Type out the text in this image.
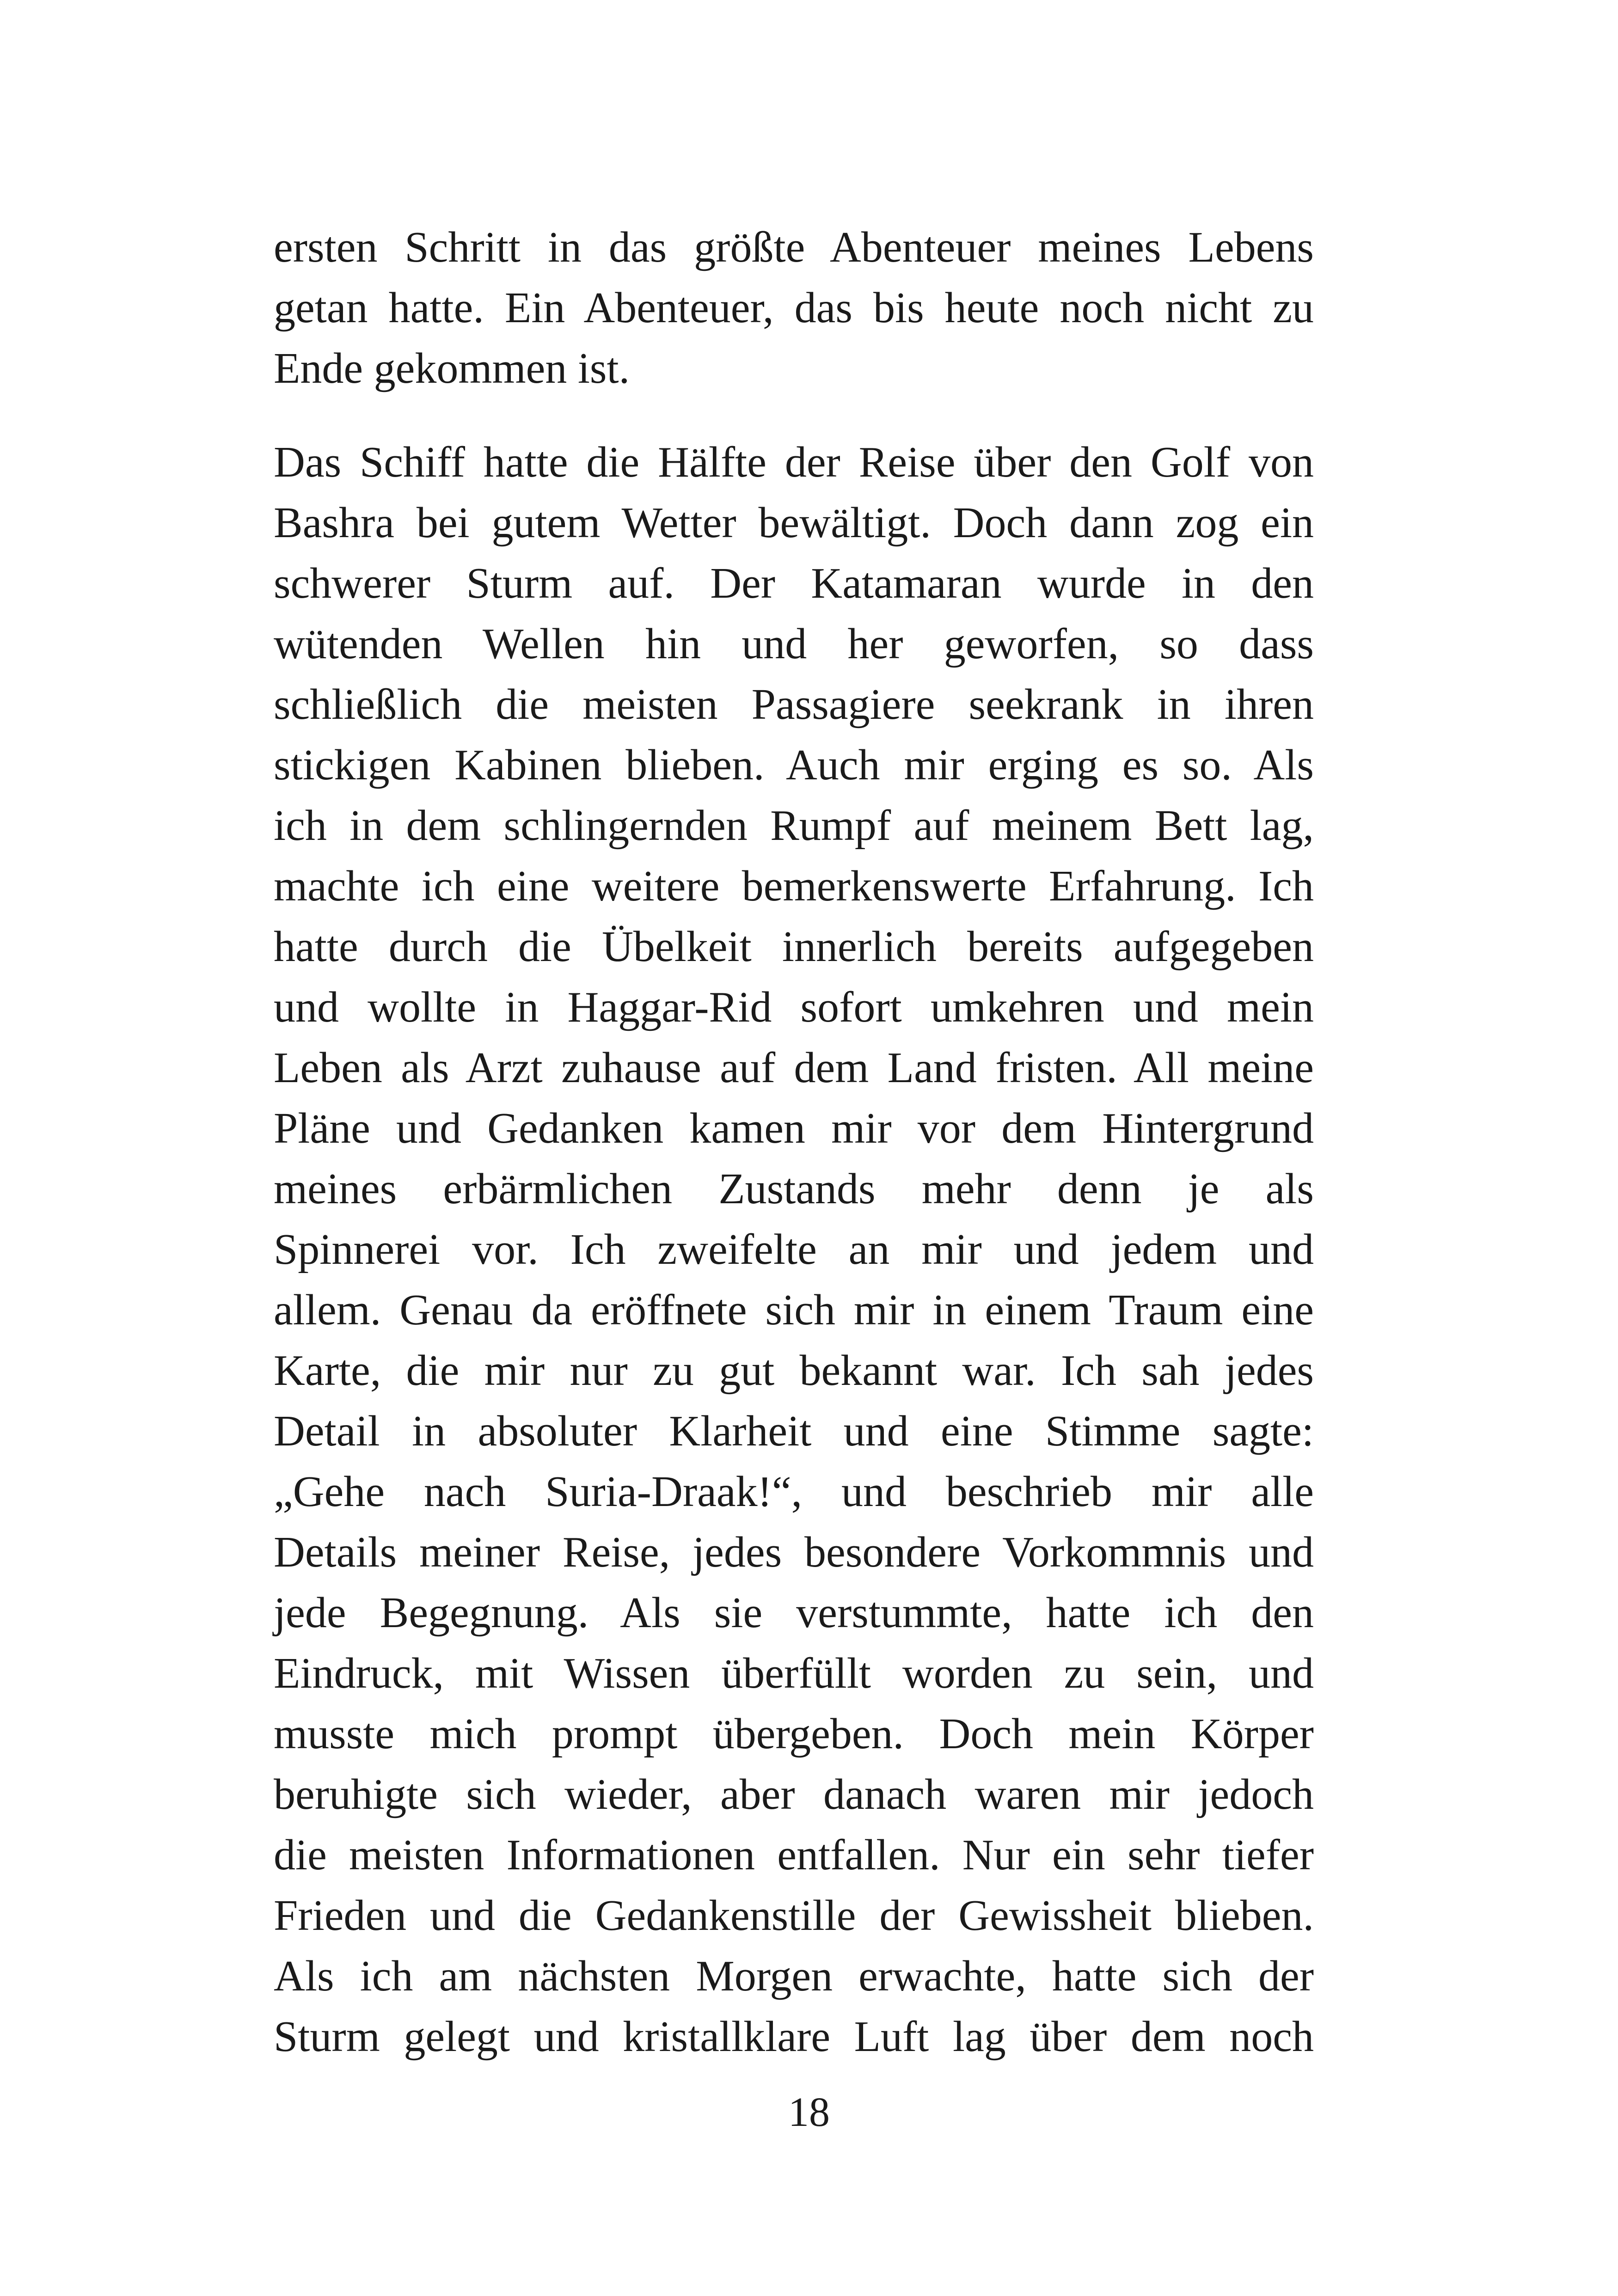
ersten Schritt in das größte Abenteuer meines Lebens
getan hatte. Ein Abenteuer, das bis heute noch nicht zu
Ende gekommen ist.
Das Schiff hatte die Hälfte der Reise über den Golf von
Bashra bei gutem Wetter bewältigt. Doch dann zog ein
schwerer Sturm auf. Der Katamaran wurde in den
wütenden Wellen hin und her geworfen, so dass
schließlich die meisten Passagiere seekrank in ihren
stickigen Kabinen blieben. Auch mir erging es so. Als
ich in dem schlingernden Rumpf auf meinem Bett lag,
machte ich eine weitere bemerkenswerte Erfahrung. Ich
hatte durch die Übelkeit innerlich bereits aufgegeben
und wollte in Haggar-Rid sofort umkehren und mein
Leben als Arzt zuhause auf dem Land fristen. All meine
Pläne und Gedanken kamen mir vor dem Hintergrund
meines erbärmlichen Zustands mehr denn je als
Spinnerei vor. Ich zweifelte an mir und jedem und
allem. Genau da eröffnete sich mir in einem Traum eine
Karte, die mir nur zu gut bekannt war. Ich sah jedes
Detail in absoluter Klarheit und eine Stimme sagte:
„Gehe nach Suria-Draak!“, und beschrieb mir alle
Details meiner Reise, jedes besondere Vorkommnis und
jede Begegnung. Als sie verstummte, hatte ich den
Eindruck, mit Wissen überfüllt worden zu sein, und
musste mich prompt übergeben. Doch mein Körper
beruhigte sich wieder, aber danach waren mir jedoch
die meisten Informationen entfallen. Nur ein sehr tiefer
Frieden und die Gedankenstille der Gewissheit blieben.
Als ich am nächsten Morgen erwachte, hatte sich der
Sturm gelegt und kristallklare Luft lag über dem noch
18
